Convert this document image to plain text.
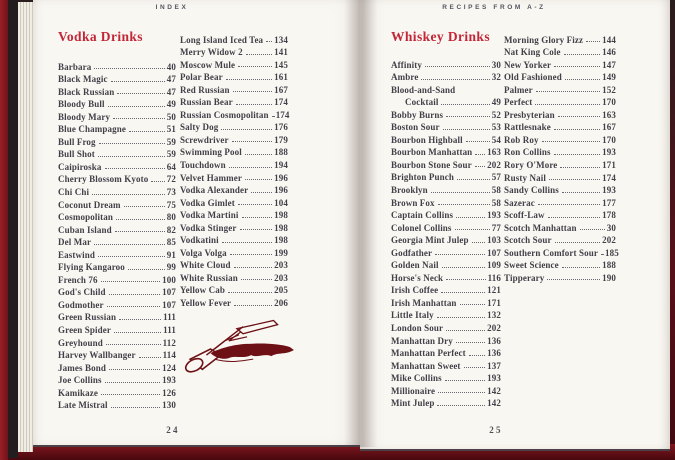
INDEX	RECIPES FROM A-Z
Vodka Drinks	Whiskey Drinks
Barbara	40
Black Magic	47
Black Russian	47
Bloody Bull	49
Bloody Mary	50
Blue Champagne	51
Bull Frog	59
Bull Shot	59
Caipiroska	64
Cherry Blossom Kyoto 72
Chi Chi	73
Coconut Dream	75
Cosmopolitan	80
Cuban Island	82
Del Mar	85
Eastwind	91
Flying Kangaroo	99
French 76	100
God's Child	107
Godmother	107
Green Russian	111
Green Spider	111
Greyhound	112
Harvey Wallbanger	114
James Bond	124
Joe Collins	193
Kamikaze	126
Late Mistral	130
Long Island Iced Tea 134
Merry Widow 2	141
Moscow Mule	145
Polar Bear	161
Red Russian	167
Russian Bear	174
Russian Cosmopolitan 174
Salty Dog	176
Screwdriver	179
Swimming Pool	188
Touchdown	194
Velvet Hammer	196
Vodka Alexander	196
Vodka Gimlet	104
Vodka Martini	198
Vodka Stinger	198
Vodkatini	198
Volga Volga	199
White Cloud	203
White Russian	203
Yellow Cab	205
Yellow Fever	206
Affinity	30
Ambre	32
Blood-and-Sand
Cocktail	49
Bobby Burns	52
Boston Sour	53
Bourbon Highball	54
Bourbon Manhattan 163
Bourbon Stone Sour 202
Brighton Punch	57
Brooklyn	58
Brown Fox	58
Captain Collins	193
Colonel Collins	77
Georgia Mint Julep 103
Godfather	107
Golden Nail	109
Horse's Neck	116
Irish Coffee	121
Irish Manhattan	171
Little Italy	132
London Sour	202
Manhattan Dry	136
Manhattan Perfect 136
Manhattan Sweet	137
Mike Collins	193
Millionaire	142
Mint Julep	142
Morning Glory Fizz 144
Nat King Cole	146
New Yorker	147
Old Fashioned	149
Palmer	152
Perfect	170
Presbyterian	163
Rattlesnake	167
Rob Roy	170
Ron Collins	193
Rory O'More	171
Rusty Nail	174
Sandy Collins	193
Sazerac	177
Scoff-Law	178
Scotch Manhattan	30
Scotch Sour	202
Southern Comfort Sour 185
Sweet Science	188
Tipperary	190
24	25
